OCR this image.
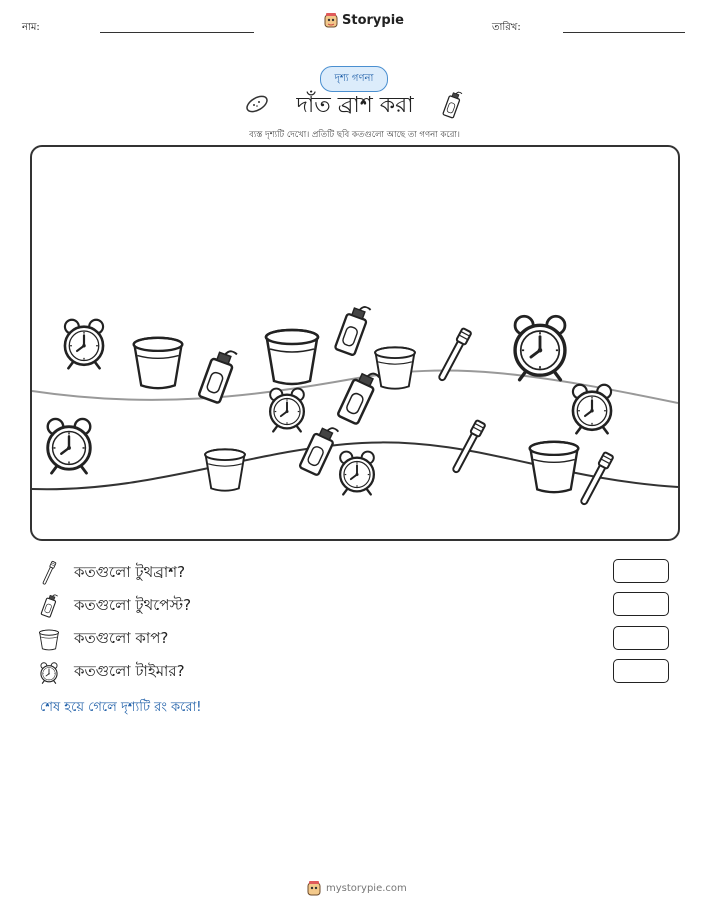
নাম:	Storypie	তারিখ:
দৃশ্য গণনা
দাঁত ব্রাশ করা
ব্যস্ত দৃশ্যটি দেখো। প্রতিটি ছবি কতগুলো আছে তা গণনা করো।
কতগুলো টুথব্রাশ?
কতগুলো টুথপেস্ট?
কতগুলো কাপ?
কতগুলো টাইমার?
শেষ হয়ে গেলে দৃশ্যটি রং করো!
mystorypie.com
